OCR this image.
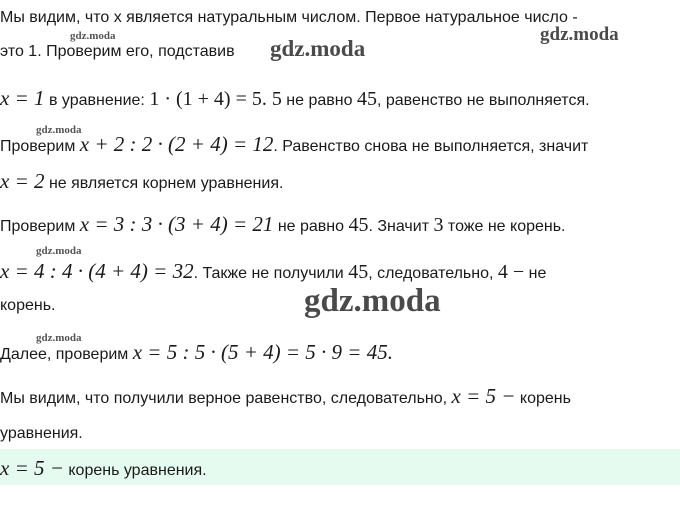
Мы видим, что x является натуральным числом. Первое натуральное число -
это 1. Проверим его, подставив
x = 1 в уравнение: 1 · (1 + 4) = 5. 5 не равно 45, равенство не выполняется.
Проверим x + 2 : 2 · (2 + 4) = 12. Равенство снова не выполняется, значит
x = 2 не является корнем уравнения.
Проверим x = 3 : 3 · (3 + 4) = 21 не равно 45. Значит 3 тоже не корень.
x = 4 : 4 · (4 + 4) = 32. Также не получили 45, следовательно, 4 − не
корень.
Далее, проверим x = 5 : 5 · (5 + 4) = 5 · 9 = 45.
Мы видим, что получили верное равенство, следовательно, x = 5 − корень
уравнения.
x = 5 − корень уравнения.
gdz.moda	gdz.moda
gdz.moda
gdz.moda
gdz.moda
gdz.moda
gdz.moda
